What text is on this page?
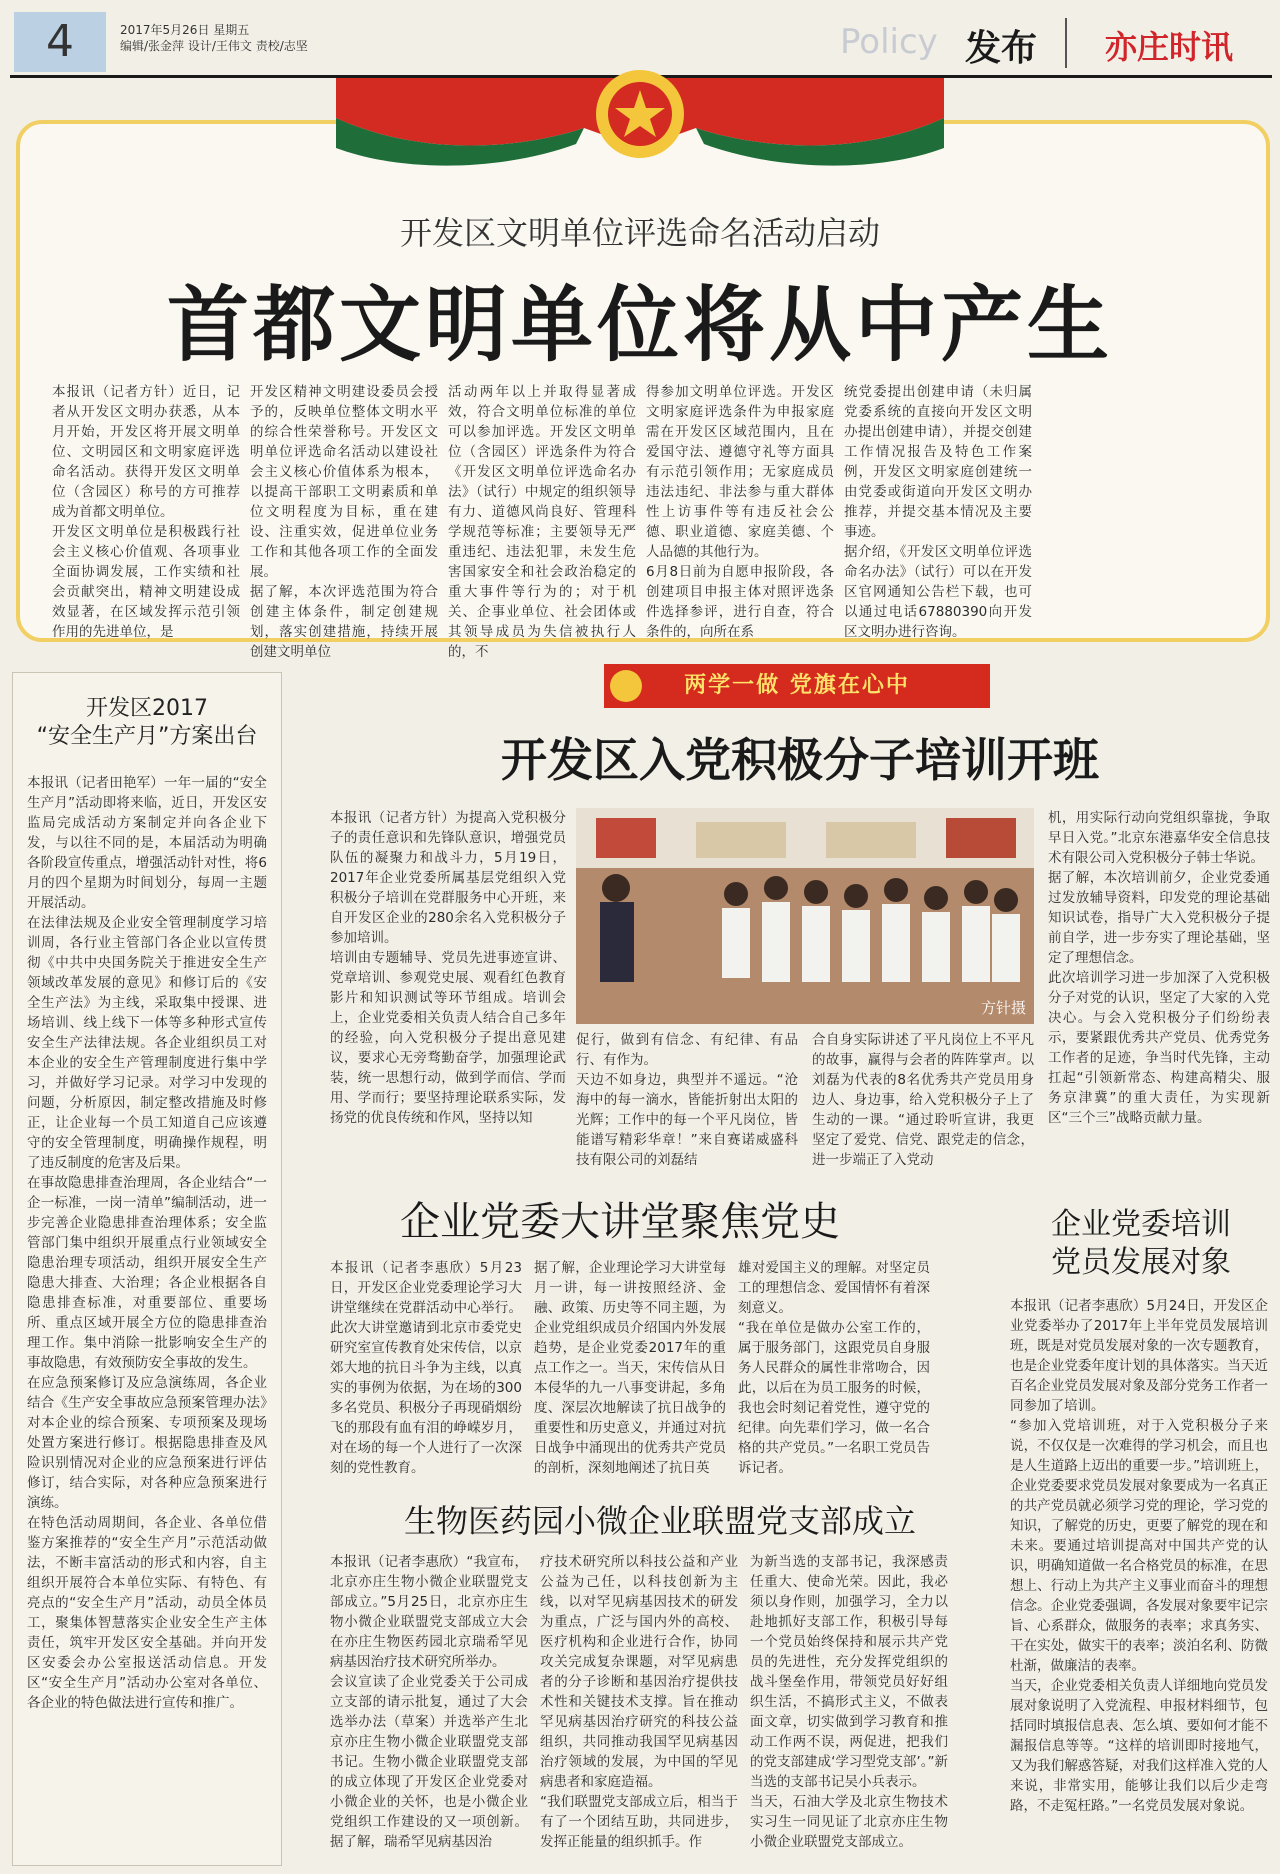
4	2017年5月26日 星期五
编辑/张金萍 设计/王伟文 责校/志坚	Policy 发布 亦庄时讯
开发区文明单位评选命名活动启动
首都文明单位将从中产生
本报讯（记者方针）近日，记者从开发区文明办获悉，从本月开始，开发区将开展文明单位、文明园区和文明家庭评选命名活动。获得开发区文明单位（含园区）称号的方可推荐成为首都文明单位。
开发区文明单位是积极践行社会主义核心价值观、各项事业全面协调发展，工作实绩和社会贡献突出，精神文明建设成效显著，在区域发挥示范引领作用的先进单位，是
开发区精神文明建设委员会授予的，反映单位整体文明水平的综合性荣誉称号。开发区文明单位评选命名活动以建设社会主义核心价值体系为根本，以提高干部职工文明素质和单位文明程度为目标，重在建设、注重实效，促进单位业务工作和其他各项工作的全面发展。
据了解，本次评选范围为符合创建主体条件，制定创建规划，落实创建措施，持续开展创建文明单位
活动两年以上并取得显著成效，符合文明单位标准的单位可以参加评选。开发区文明单位（含园区）评选条件为符合《开发区文明单位评选命名办法》（试行）中规定的组织领导有力、道德风尚良好、管理科学规范等标准；主要领导无严重违纪、违法犯罪，未发生危害国家安全和社会政治稳定的重大事件等行为的；对于机关、企事业单位、社会团体或其领导成员为失信被执行人的，不
得参加文明单位评选。开发区文明家庭评选条件为申报家庭需在开发区区域范围内，且在爱国守法、遵德守礼等方面具有示范引领作用；无家庭成员违法违纪、非法参与重大群体性上访事件等有违反社会公德、职业道德、家庭美德、个人品德的其他行为。
6月8日前为自愿申报阶段，各创建项目申报主体对照评选条件选择参评，进行自查，符合条件的，向所在系
统党委提出创建申请（未归属党委系统的直接向开发区文明办提出创建申请），并提交创建工作情况报告及特色工作案例，开发区文明家庭创建统一由党委或街道向开发区文明办推荐，并提交基本情况及主要事迹。
据介绍，《开发区文明单位评选命名办法》（试行）可以在开发区官网通知公告栏下载，也可以通过电话67880390向开发区文明办进行咨询。
开发区2017
“安全生产月”方案出台
本报讯（记者田艳军）一年一届的“安全生产月”活动即将来临，近日，开发区安监局完成活动方案制定并向各企业下发，与以往不同的是，本届活动为明确各阶段宣传重点，增强活动针对性，将6月的四个星期为时间划分，每周一主题开展活动。
在法律法规及企业安全管理制度学习培训周，各行业主管部门各企业以宣传贯彻《中共中央国务院关于推进安全生产领域改革发展的意见》和修订后的《安全生产法》为主线，采取集中授课、进场培训、线上线下一体等多种形式宣传安全生产法律法规。各企业组织员工对本企业的安全生产管理制度进行集中学习，并做好学习记录。对学习中发现的问题，分析原因，制定整改措施及时修正，让企业每一个员工知道自己应该遵守的安全管理制度，明确操作规程，明了违反制度的危害及后果。
在事故隐患排查治理周，各企业结合“一企一标准，一岗一清单”编制活动，进一步完善企业隐患排查治理体系；安全监管部门集中组织开展重点行业领域安全隐患治理专项活动，组织开展安全生产隐患大排查、大治理；各企业根据各自隐患排查标准，对重要部位、重要场所、重点区域开展全方位的隐患排查治理工作。集中消除一批影响安全生产的事故隐患，有效预防安全事故的发生。
在应急预案修订及应急演练周，各企业结合《生产安全事故应急预案管理办法》对本企业的综合预案、专项预案及现场处置方案进行修订。根据隐患排查及风险识别情况对企业的应急预案进行评估修订，结合实际，对各种应急预案进行演练。
在特色活动周期间，各企业、各单位借鉴方案推荐的“安全生产月”示范活动做法，不断丰富活动的形式和内容，自主组织开展符合本单位实际、有特色、有亮点的“安全生产月”活动，动员全体员工，聚集体智慧落实企业安全生产主体责任，筑牢开发区安全基础。并向开发区安委会办公室报送活动信息。开发区“安全生产月”活动办公室对各单位、各企业的特色做法进行宣传和推广。
两学一做 党旗在心中
开发区入党积极分子培训开班
本报讯（记者方针）为提高入党积极分子的责任意识和先锋队意识，增强党员队伍的凝聚力和战斗力，5月19日，2017年企业党委所属基层党组织入党积极分子培训在党群服务中心开班，来自开发区企业的280余名入党积极分子参加培训。
培训由专题辅导、党员先进事迹宣讲、党章培训、参观党史展、观看红色教育影片和知识测试等环节组成。培训会上，企业党委相关负责人结合自己多年的经验，向入党积极分子提出意见建议，要求心无旁骛勤奋学，加强理论武装，统一思想行动，做到学而信、学而用、学而行；要坚持理论联系实际，发扬党的优良传统和作风，坚持以知
方针摄
促行，做到有信念、有纪律、有品行、有作为。
天边不如身边，典型并不遥远。“沧海中的每一滴水，皆能折射出太阳的光辉；工作中的每一个平凡岗位，皆能谱写精彩华章！”来自赛诺威盛科技有限公司的刘磊结
合自身实际讲述了平凡岗位上不平凡的故事，赢得与会者的阵阵掌声。以刘磊为代表的8名优秀共产党员用身边人、身边事，给入党积极分子上了生动的一课。“通过聆听宣讲，我更坚定了爱党、信党、跟党走的信念，进一步端正了入党动
机，用实际行动向党组织靠拢，争取早日入党。”北京东港嘉华安全信息技术有限公司入党积极分子韩士华说。
据了解，本次培训前夕，企业党委通过发放辅导资料，印发党的理论基础知识试卷，指导广大入党积极分子提前自学，进一步夯实了理论基础，坚定了理想信念。
此次培训学习进一步加深了入党积极分子对党的认识，坚定了大家的入党决心。与会入党积极分子们纷纷表示，要紧跟优秀共产党员、优秀党务工作者的足迹，争当时代先锋，主动扛起“引领新常态、构建高精尖、服务京津冀”的重大责任，为实现新区“三个三”战略贡献力量。
企业党委大讲堂聚焦党史
本报讯（记者李惠欣）5月23日，开发区企业党委理论学习大讲堂继续在党群活动中心举行。此次大讲堂邀请到北京市委党史研究室宣传教育处宋传信，以京郊大地的抗日斗争为主线，以真实的事例为依据，为在场的300多名党员、积极分子再现硝烟纷飞的那段有血有泪的峥嵘岁月，对在场的每一个人进行了一次深刻的党性教育。
据了解，企业理论学习大讲堂每月一讲，每一讲按照经济、金融、政策、历史等不同主题，为企业党组织成员介绍国内外发展趋势，是企业党委2017年的重点工作之一。当天，宋传信从日本侵华的九一八事变讲起，多角度、深层次地解读了抗日战争的重要性和历史意义，并通过对抗日战争中涌现出的优秀共产党员的剖析，深刻地阐述了抗日英
雄对爱国主义的理解。对坚定员工的理想信念、爱国情怀有着深刻意义。
“我在单位是做办公室工作的，属于服务部门，这跟党员自身服务人民群众的属性非常吻合，因此，以后在为员工服务的时候，我也会时刻记着党性，遵守党的纪律。向先辈们学习，做一名合格的共产党员。”一名职工党员告诉记者。
企业党委培训
党员发展对象
本报讯（记者李惠欣）5月24日，开发区企业党委举办了2017年上半年党员发展培训班，既是对党员发展对象的一次专题教育，也是企业党委年度计划的具体落实。当天近百名企业党员发展对象及部分党务工作者一同参加了培训。
“参加入党培训班，对于入党积极分子来说，不仅仅是一次难得的学习机会，而且也是人生道路上迈出的重要一步。”培训班上，企业党委要求党员发展对象要成为一名真正的共产党员就必须学习党的理论，学习党的知识，了解党的历史，更要了解党的现在和未来。要通过培训提高对中国共产党的认识，明确知道做一名合格党员的标准，在思想上、行动上为共产主义事业而奋斗的理想信念。企业党委强调，各发展对象要牢记宗旨、心系群众，做服务的表率；求真务实、干在实处，做实干的表率；淡泊名利、防微杜渐，做廉洁的表率。
当天，企业党委相关负责人详细地向党员发展对象说明了入党流程、申报材料细节，包括同时填报信息表、怎么填、要如何才能不漏报信息等等。“这样的培训即时接地气，又为我们解惑答疑，对我们这样准入党的人来说，非常实用，能够让我们以后少走弯路，不走冤枉路。”一名党员发展对象说。
生物医药园小微企业联盟党支部成立
本报讯（记者李惠欣）“我宣布，北京亦庄生物小微企业联盟党支部成立。”5月25日，北京亦庄生物小微企业联盟党支部成立大会在亦庄生物医药园北京瑞希罕见病基因治疗技术研究所举办。
会议宣读了企业党委关于公司成立支部的请示批复，通过了大会选举办法（草案）并选举产生北京亦庄生物小微企业联盟党支部书记。生物小微企业联盟党支部的成立体现了开发区企业党委对小微企业的关怀，也是小微企业党组织工作建设的又一项创新。据了解，瑞希罕见病基因治
疗技术研究所以科技公益和产业公益为己任，以科技创新为主线，以对罕见病基因技术的研发为重点，广泛与国内外的高校、医疗机构和企业进行合作，协同攻关完成复杂课题，对罕见病患者的分子诊断和基因治疗提供技术性和关键技术支撑。旨在推动罕见病基因治疗研究的科技公益组织，共同推动我国罕见病基因治疗领域的发展，为中国的罕见病患者和家庭造福。
“我们联盟党支部成立后，相当于有了一个团结互助，共同进步，发挥正能量的组织抓手。作
为新当选的支部书记，我深感责任重大、使命光荣。因此，我必须以身作则，加强学习，全力以赴地抓好支部工作，积极引导每一个党员始终保持和展示共产党员的先进性，充分发挥党组织的战斗堡垒作用，带领党员好好组织生活，不搞形式主义，不做表面文章，切实做到学习教育和推动工作两不误，两促进，把我们的党支部建成‘学习型党支部’。”新当选的支部书记吴小兵表示。
当天，石油大学及北京生物技术实习生一同见证了北京亦庄生物小微企业联盟党支部成立。
